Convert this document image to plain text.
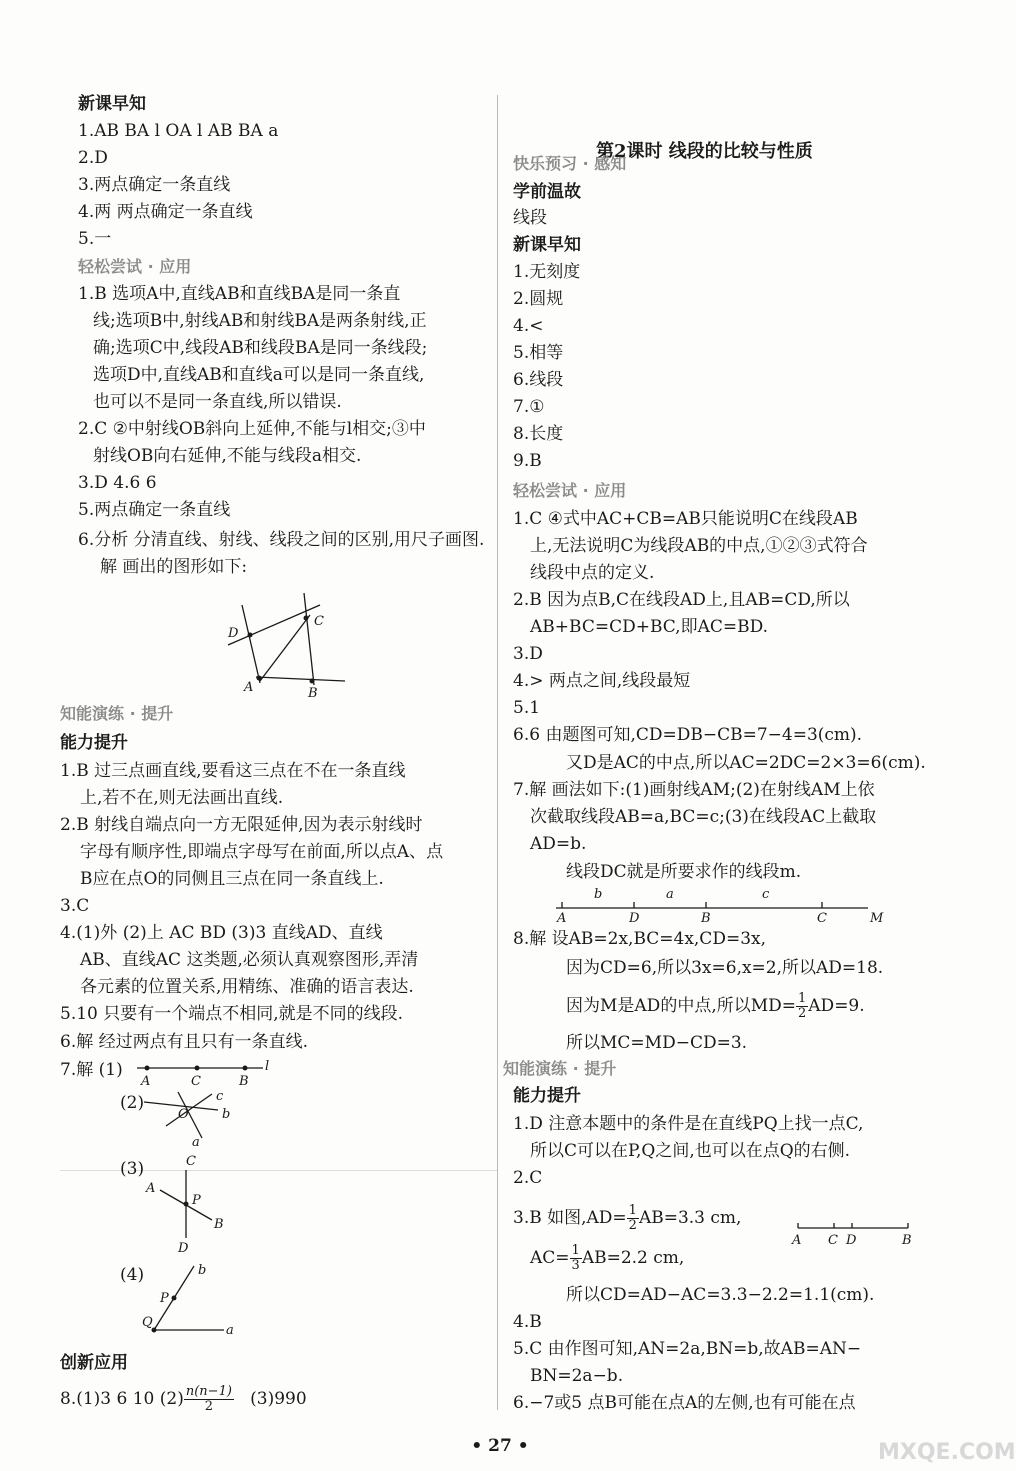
新课早知
1.AB BA l OA l AB BA a
2.D
3.两点确定一条直线
4.两 两点确定一条直线
5.一
轻松尝试 · 应用
1.B 选项A中,直线AB和直线BA是同一条直
线;选项B中,射线AB和射线BA是两条射线,正
确;选项C中,线段AB和线段BA是同一条线段;
选项D中,直线AB和直线a可以是同一条直线,
也可以不是同一条直线,所以错误.
2.C ②中射线OB斜向上延伸,不能与l相交;③中
射线OB向右延伸,不能与线段a相交.
3.D 4.6 6
5.两点确定一条直线
6.分析 分清直线、射线、线段之间的区别,用尺子画图.
解 画出的图形如下:
D
C
A	B
知能演练 · 提升
能力提升
1.B 过三点画直线,要看这三点在不在一条直线
上,若不在,则无法画出直线.
2.B 射线自端点向一方无限延伸,因为表示射线时
字母有顺序性,即端点字母写在前面,所以点A、点
B应在点O的同侧且三点在同一条直线上.
3.C
4.(1)外 (2)上 AC BD (3)3 直线AD、直线
AB、直线AC 这类题,必须认真观察图形,弄清
各元素的位置关系,用精练、准确的语言表达.
5.10 只要有一个端点不相同,就是不同的线段.
6.解 经过两点有且只有一条直线.
7.解 (1)
A	C	B
l
(2)	c
b
a
O
(3)	C
A
P
B
D
(4)	b
P
Q
a
创新应用
8.(1)3 6 10 $(2) \frac{n(n-1)}{2} (3)990$
第2课时 线段的比较与性质
快乐预习 · 感知
学前温故
线段
新课早知
1.无刻度
2.圆规
4.<
5.相等
6.线段
7.①
8.长度
9.B
轻松尝试 · 应用
1.C ④式中AC+CB=AB只能说明C在线段AB
上,无法说明C为线段AB的中点,①②③式符合
线段中点的定义.
2.B 因为点B,C在线段AD上,且AB=CD,所以
AB+BC=CD+BC,即AC=BD.
3.D
4.> 两点之间,线段最短
5.1
6.6 由题图可知,CD=DB−CB=7−4=3(cm).
又D是AC的中点,所以AC=2DC=2×3=6(cm).
7.解 画法如下:(1)画射线AM;(2)在射线AM上依
次截取线段AB=a,BC=c;(3)在线段AC上截取
AD=b.
线段DC就是所要求作的线段m.
b	a	c
A	D	B	C	M
8.解 设AB=2x,BC=4x,CD=3x,
因为CD=6,所以3x=6,x=2,所以AD=18.
因为M是AD的中点,所以$MD= \frac{1}{2} AD=9$.
所以MC=MD−CD=3.
知能演练 · 提升
能力提升
1.D 注意本题中的条件是在直线PQ上找一点C,
所以C可以在P,Q之间,也可以在点Q的右侧.
2.C
3.B 如图$,AD= \frac{1}{2} AB=3.3$ cm,
A C D	B
$AC= \frac{1}{3} AB=2.2$ cm,
所以CD=AD−AC=3.3−2.2=1.1(cm).
4.B
5.C 由作图可知,AN=2a,BN=b,故AB=AN−
BN=2a−b.
6.−7或5 点B可能在点A的左侧,也有可能在点
• 27 •	MXQE.COM
